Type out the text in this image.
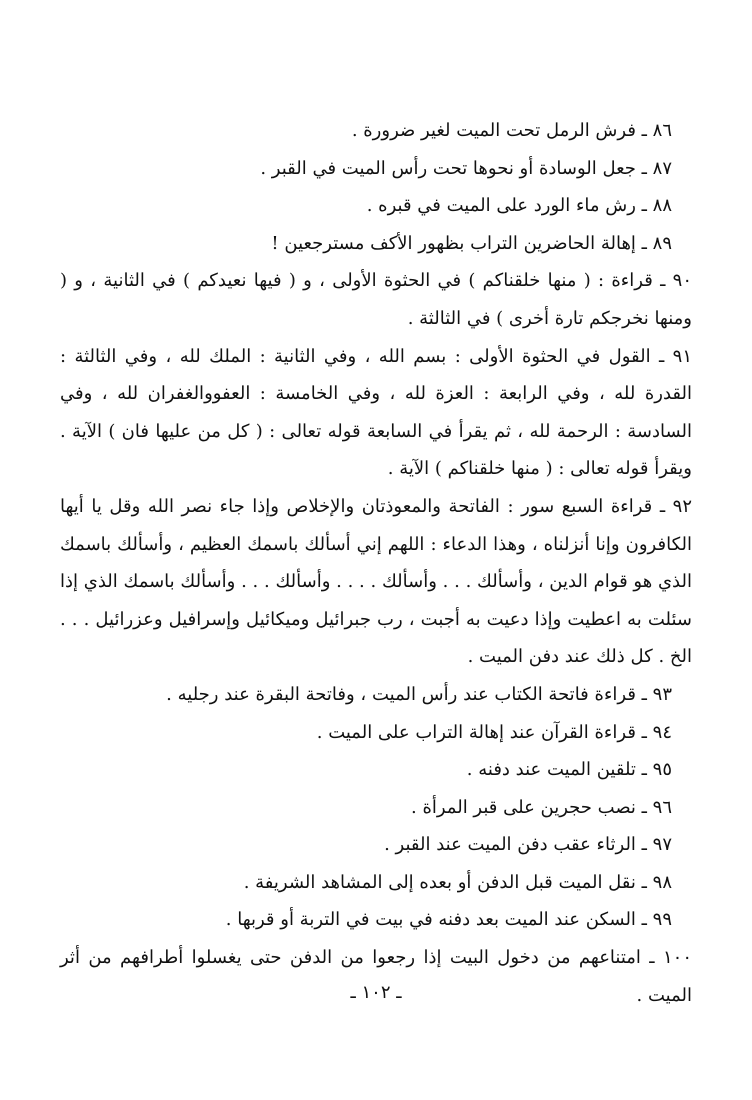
٨٦ ـ فرش الرمل تحت الميت لغير ضرورة .

٨٧ ـ جعل الوسادة أو نحوها تحت رأس الميت في القبر .

٨٨ ـ رش ماء الورد على الميت في قبره .

٨٩ ـ إهالة الحاضرين التراب بظهور الأكف مسترجعين !

٩٠ ـ قراءة : ( منها خلقناكم ) في الحثوة الأولى ، و ( فيها نعيدكم ) في الثانية ، و ( ومنها نخرجكم تارة أخرى ) في الثالثة .

٩١ ـ القول في الحثوة الأولى : بسم الله ، وفي الثانية : الملك لله ، وفي الثالثة : القدرة لله ، وفي الرابعة : العزة لله ، وفي الخامسة : العفووالغفران لله ، وفي السادسة : الرحمة لله ، ثم يقرأ في السابعة قوله تعالى : ( كل من عليها فان ) الآية . ويقرأ قوله تعالى : ( منها خلقناكم ) الآية .

٩٢ ـ قراءة السبع سور : الفاتحة والمعوذتان والإخلاص وإذا جاء نصر الله وقل يا أيها الكافرون وإنا أنزلناه ، وهذا الدعاء : اللهم إني أسألك باسمك العظيم ، وأسألك باسمك الذي هو قوام الدين ، وأسألك . . . وأسألك . . . . وأسألك . . . وأسألك باسمك الذي إذا سئلت به اعطيت وإذا دعيت به أجبت ، رب جبرائيل وميكائيل وإسرافيل وعزرائيل . . . الخ . كل ذلك عند دفن الميت .

٩٣ ـ قراءة فاتحة الكتاب عند رأس الميت ، وفاتحة البقرة عند رجليه .

٩٤ ـ قراءة القرآن عند إهالة التراب على الميت .

٩٥ ـ تلقين الميت عند دفنه .

٩٦ ـ نصب حجرين على قبر المرأة .

٩٧ ـ الرثاء عقب دفن الميت عند القبر .

٩٨ ـ نقل الميت قبل الدفن أو بعده إلى المشاهد الشريفة .

٩٩ ـ السكن عند الميت بعد دفنه في بيت في التربة أو قربها .

١٠٠ ـ امتناعهم من دخول البيت إذا رجعوا من الدفن حتى يغسلوا أطرافهم من أثر الميت .

ـ ١٠٢ ـ
